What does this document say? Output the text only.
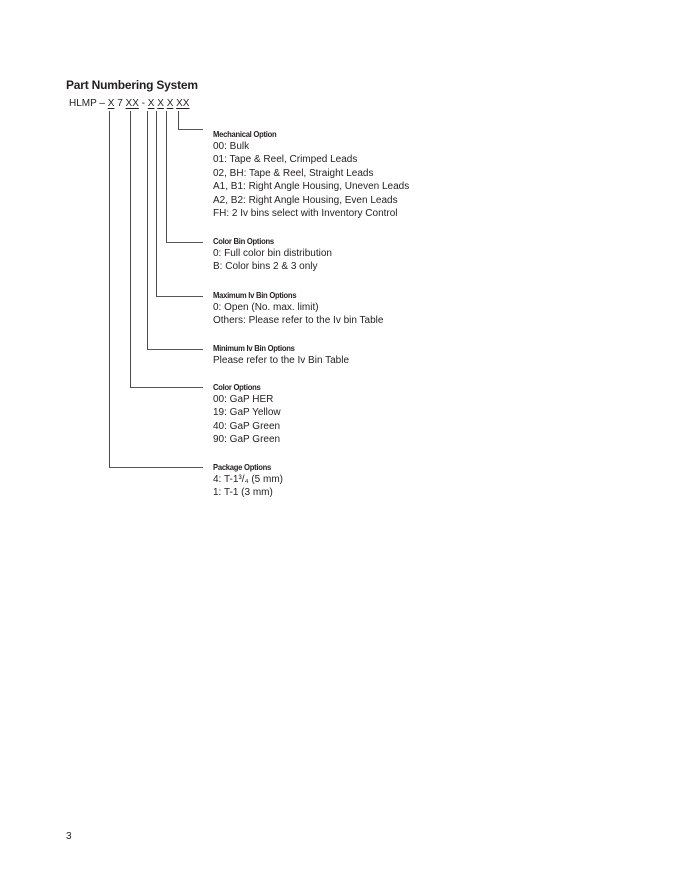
Part Numbering System
HLMP – X 7 XX - X X X XX
Mechanical Option
00: Bulk
01: Tape & Reel, Crimped Leads
02, BH: Tape & Reel, Straight Leads
A1, B1: Right Angle Housing, Uneven Leads
A2, B2: Right Angle Housing, Even Leads
FH: 2 Iv bins select with Inventory Control
Color Bin Options
0: Full color bin distribution
B: Color bins 2 & 3 only
Maximum Iv Bin Options
0: Open (No. max. limit)
Others: Please refer to the Iv bin Table
Minimum Iv Bin Options
Please refer to the Iv Bin Table
Color Options
00: GaP HER
19: GaP Yellow
40: GaP Green
90: GaP Green
Package Options
4: T-1³/₄ (5 mm)
1: T-1 (3 mm)
3
